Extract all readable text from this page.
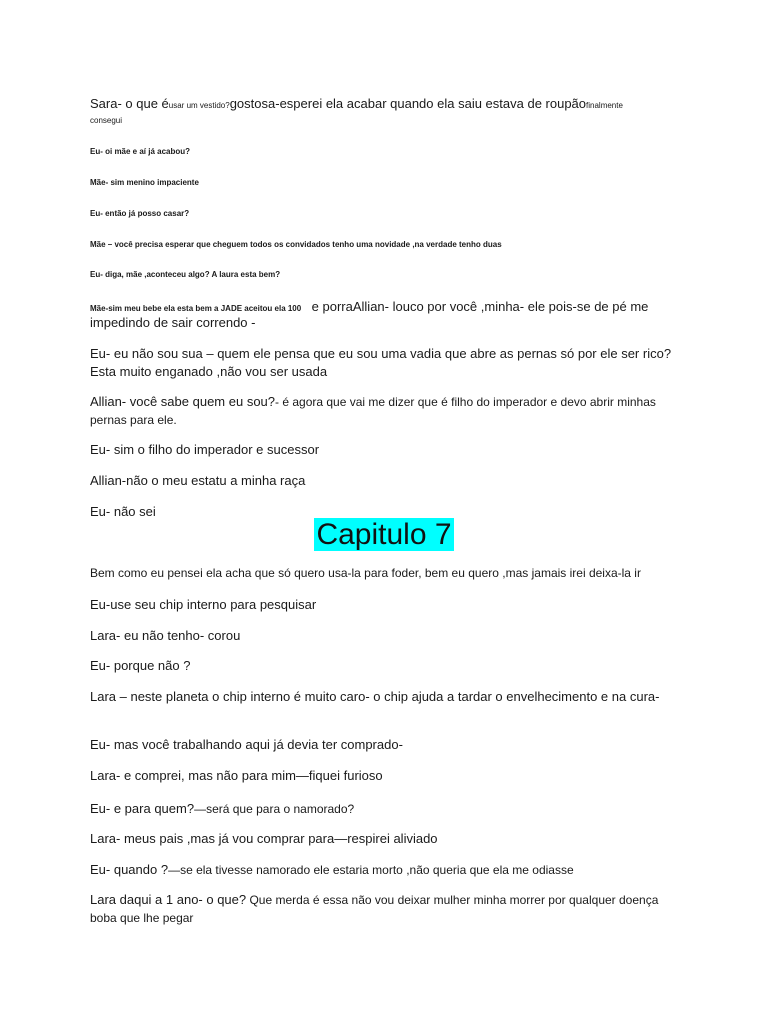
Sara- o que éusar um vestido?gostosa-esperei ela acabar quando ela saiu estava de roupãofinalmente
consegui
Eu- oi mãe e aí já acabou?
Mãe- sim menino impaciente
Eu- então já posso casar?
Mãe – você precisa esperar que cheguem todos os convidados tenho uma novidade ,na verdade tenho duas
Eu- diga, mãe ,aconteceu algo? A laura esta bem?
Mãe-sim meu bebe ela esta bem a JADE aceitou ela 100 e porraAllian- louco por você ,minha- ele pois-se de pé me
impedindo de sair correndo -
Eu- eu não sou sua – quem ele pensa que eu sou uma vadia que abre as pernas só por ele ser rico? Esta muito enganado ,não vou ser usada
Allian- você sabe quem eu sou?- é agora que vai me dizer que é filho do imperador e devo abrir minhas pernas para ele.
Eu- sim o filho do imperador e sucessor
Allian-não o meu estatu a minha raça
Eu- não sei
Capitulo 7
Bem como eu pensei ela acha que só quero usa-la para foder, bem eu quero ,mas jamais irei deixa-la ir
Eu-use seu chip interno para pesquisar
Lara- eu não tenho- corou
Eu- porque não ?
Lara – neste planeta o chip interno é muito caro- o chip ajuda a tardar o envelhecimento e na cura-
Eu- mas você trabalhando aqui já devia ter comprado-
Lara- e comprei, mas não para mim—fiquei furioso
Eu- e para quem?—será que para o namorado?
Lara- meus pais ,mas já vou comprar para—respirei aliviado
Eu- quando ?—se ela tivesse namorado ele estaria morto ,não queria que ela me odiasse
Lara daqui a 1 ano- o que? Que merda é essa não vou deixar mulher minha morrer por qualquer doença boba que lhe pegar
